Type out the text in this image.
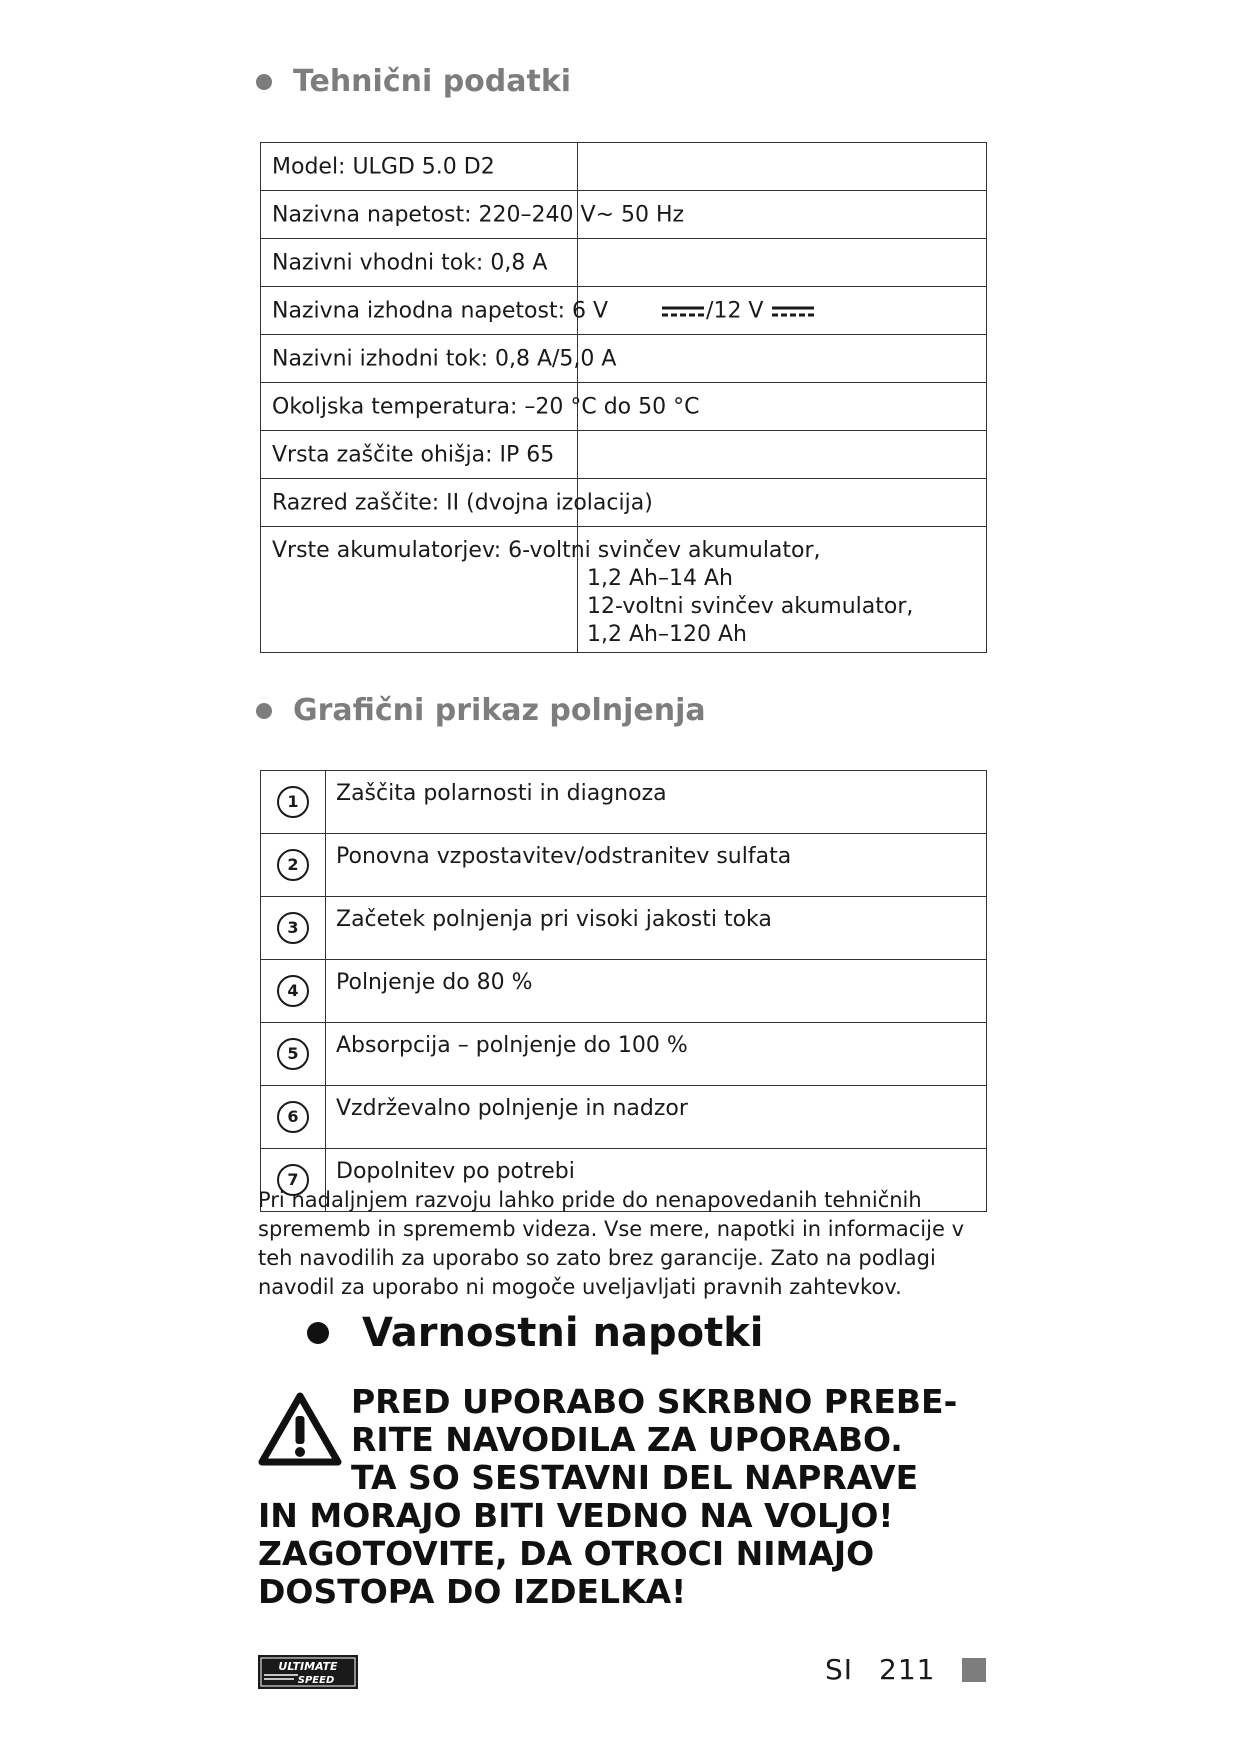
Tehnični podatki
Model: ULGD 5.0 D2	

Nazivna napetost: 220–240 V~ 50 Hz	

Nazivni vhodni tok: 0,8 A	

Nazivna izhodna napetost: 6 V /12 V	

Nazivni izhodni tok: 0,8 A/5,0 A	

Okoljska temperatura: –20 °C do 50 °C	

Vrsta zaščite ohišja: IP 65	

Razred zaščite: II (dvojna izolacija)	

Vrste akumulatorjev: 6-voltni svinčev akumulator,
1,2 Ah–14 Ah
12-voltni svinčev akumulator,
1,2 Ah–120 Ah	

Grafični prikaz polnjenja
1	Zaščita polarnosti in diagnoza
2	Ponovna vzpostavitev/odstranitev sulfata
3	Začetek polnjenja pri visoki jakosti toka
4	Polnjenje do 80 %
5	Absorpcija – polnjenje do 100 %
6	Vzdrževalno polnjenje in nadzor
7	Dopolnitev po potrebi

Pri nadaljnjem razvoju lahko pride do nenapovedanih tehničnih sprememb in sprememb videza. Vse mere, napotki in informacije v teh navodilih za uporabo so zato brez garancije. Zato na podlagi navodil za uporabo ni mogoče uveljavljati pravnih zahtevkov.

Varnostni napotki
PRED UPORABO SKRBNO PREBE-
RITE NAVODILA ZA UPORABO.
TA SO SESTAVNI DEL NAPRAVE
IN MORAJO BITI VEDNO NA VOLJO!
ZAGOTOVITE, DA OTROCI NIMAJO
DOSTOPA DO IZDELKA!
ULTIMATE
SPEED	SI 211
